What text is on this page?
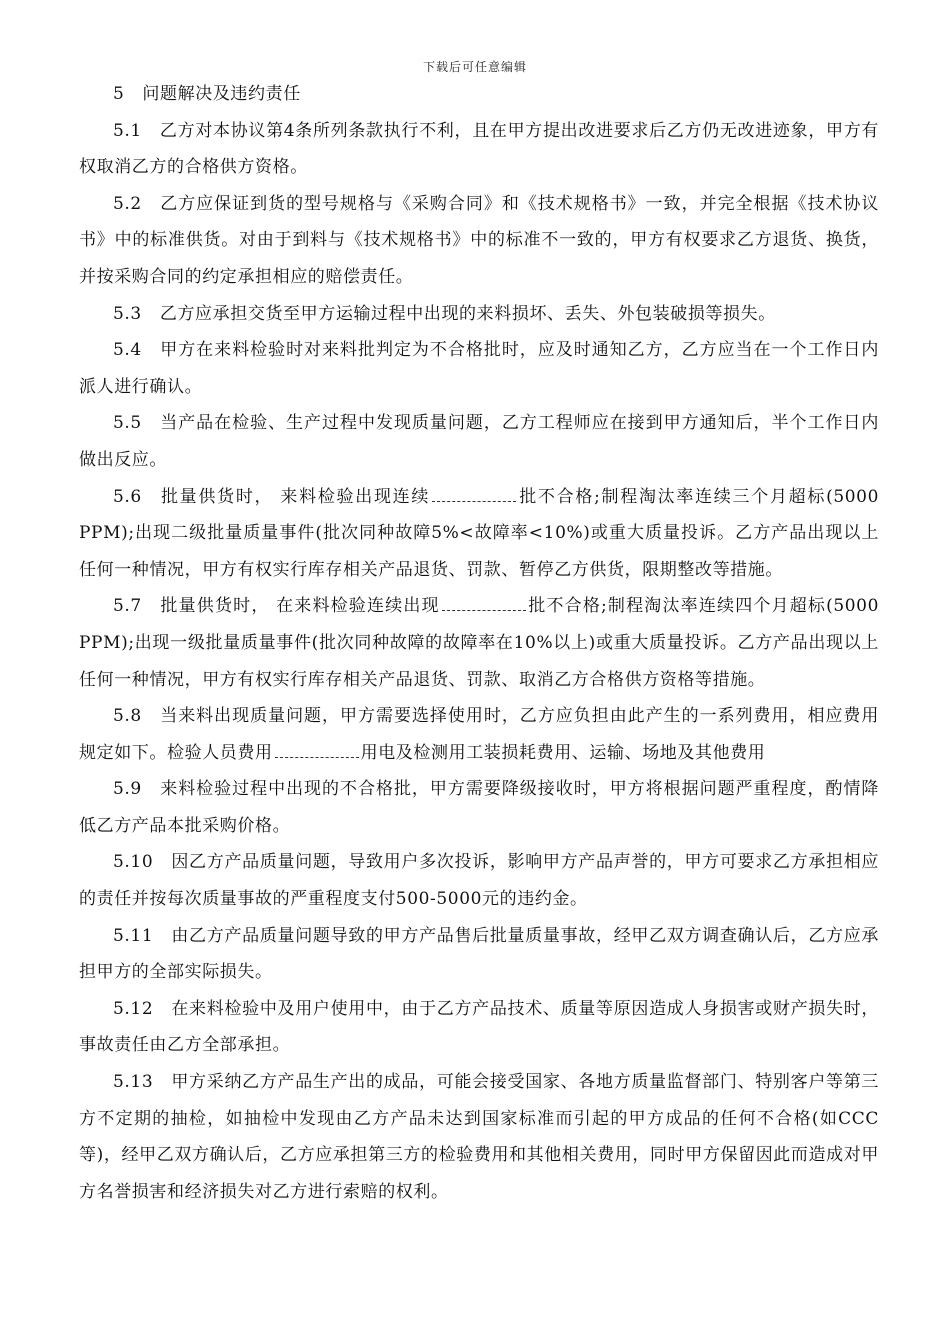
下载后可任意编辑

5 问题解决及违约责任

5.1 乙方对本协议第4条所列条款执行不利，且在甲方提出改进要求后乙方仍无改进迹象，甲方有权取消乙方的合格供方资格。

5.2 乙方应保证到货的型号规格与《采购合同》和《技术规格书》一致，并完全根据《技术协议书》中的标准供货。对由于到料与《技术规格书》中的标准不一致的，甲方有权要求乙方退货、换货，并按采购合同的约定承担相应的赔偿责任。

5.3 乙方应承担交货至甲方运输过程中出现的来料损坏、丢失、外包装破损等损失。

5.4 甲方在来料检验时对来料批判定为不合格批时，应及时通知乙方，乙方应当在一个工作日内派人进行确认。

5.5 当产品在检验、生产过程中发现质量问题，乙方工程师应在接到甲方通知后，半个工作日内做出反应。

5.6 批量供货时， 来料检验出现连续	批不合格;制程淘汰率连续三个月超标(5000 PPM);出现二级批量质量事件(批次同种故障5%<故障率<10%)或重大质量投诉。乙方产品出现以上任何一种情况，甲方有权实行库存相关产品退货、罚款、暂停乙方供货，限期整改等措施。

5.7 批量供货时， 在来料检验连续出现	批不合格;制程淘汰率连续四个月超标(5000 PPM);出现一级批量质量事件(批次同种故障的故障率在10%以上)或重大质量投诉。乙方产品出现以上任何一种情况，甲方有权实行库存相关产品退货、罚款、取消乙方合格供方资格等措施。

5.8 当来料出现质量问题，甲方需要选择使用时，乙方应负担由此产生的一系列费用，相应费用规定如下。检验人员费用	用电及检测用工装损耗费用、运输、场地及其他费用

5.9 来料检验过程中出现的不合格批，甲方需要降级接收时，甲方将根据问题严重程度，酌情降低乙方产品本批采购价格。

5.10 因乙方产品质量问题，导致用户多次投诉，影响甲方产品声誉的，甲方可要求乙方承担相应的责任并按每次质量事故的严重程度支付500-5000元的违约金。

5.11 由乙方产品质量问题导致的甲方产品售后批量质量事故，经甲乙双方调查确认后，乙方应承担甲方的全部实际损失。

5.12 在来料检验中及用户使用中，由于乙方产品技术、质量等原因造成人身损害或财产损失时，事故责任由乙方全部承担。

5.13 甲方采纳乙方产品生产出的成品，可能会接受国家、各地方质量监督部门、特别客户等第三方不定期的抽检，如抽检中发现由乙方产品未达到国家标准而引起的甲方成品的任何不合格(如CCC等)，经甲乙双方确认后，乙方应承担第三方的检验费用和其他相关费用，同时甲方保留因此而造成对甲方名誉损害和经济损失对乙方进行索赔的权利。
